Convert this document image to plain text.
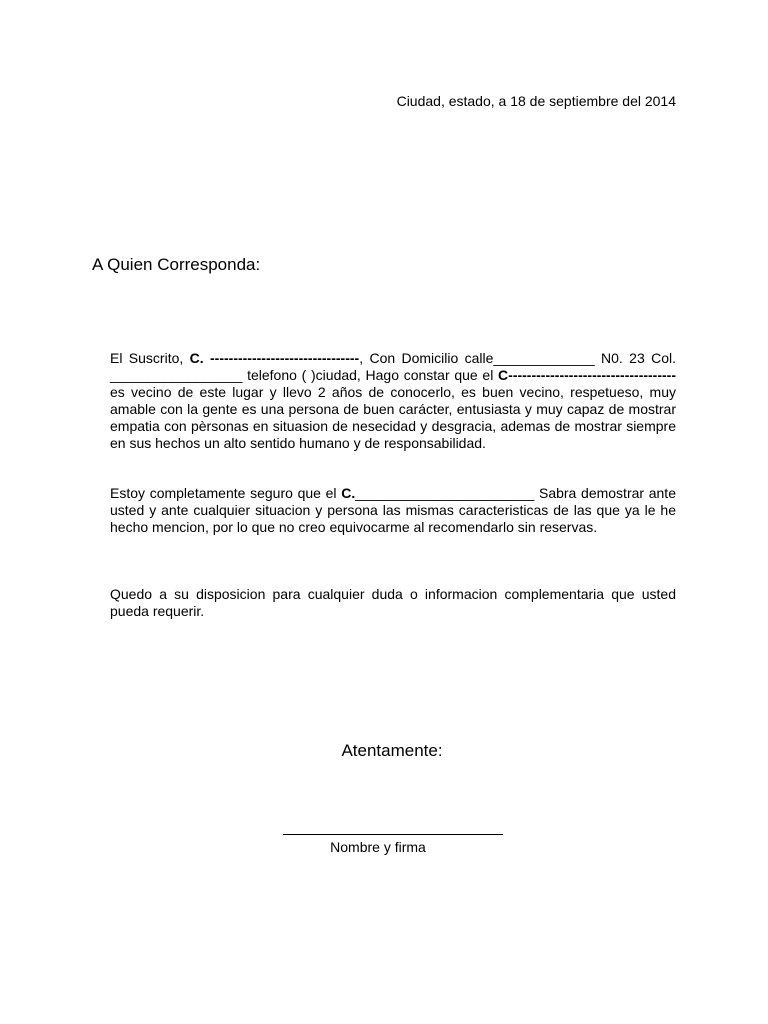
Ciudad, estado, a 18 de septiembre del 2014
A Quien Corresponda:

El Suscrito, C. --------------------------------, Con Domicilio calle_____________ N0. 23 Col. _________________ telefono ( )ciudad, Hago constar que el C------------------------------------ es vecino de este lugar y llevo 2 años de conocerlo, es buen vecino, respetueso, muy amable con la gente es una persona de buen carácter, entusiasta y muy capaz de mostrar empatia con pèrsonas en situasion de nesecidad y desgracia, ademas de mostrar siempre en sus hechos un alto sentido humano y de responsabilidad.

Estoy completamente seguro que el C._______________________ Sabra demostrar ante usted y ante cualquier situacion y persona las mismas caracteristicas de las que ya le he hecho mencion, por lo que no creo equivocarme al recomendarlo sin reservas.

Quedo a su disposicion para cualquier duda o informacion complementaria que usted pueda requerir.

Atentamente:
Nombre y firma
